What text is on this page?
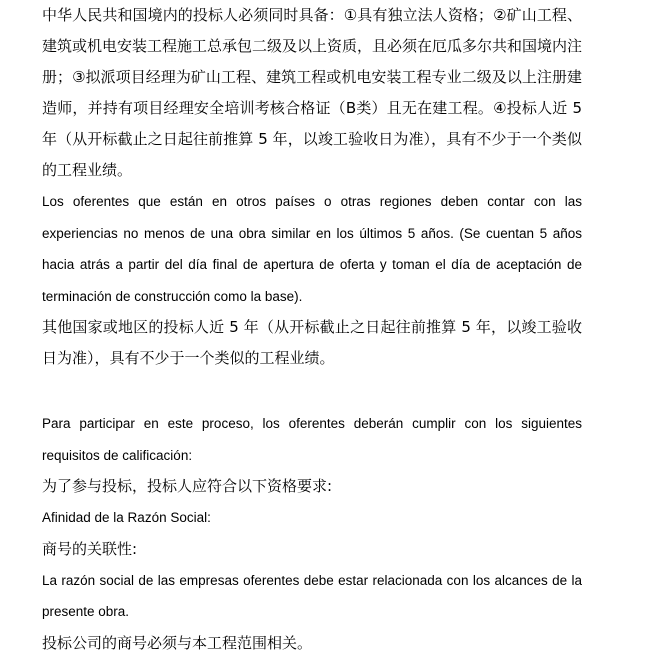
中华人民共和国境内的投标人必须同时具备：①具有独立法人资格；②矿山工程、建筑或机电安装工程施工总承包二级及以上资质，且必须在厄瓜多尔共和国境内注册；③拟派项目经理为矿山工程、建筑工程或机电安装工程专业二级及以上注册建造师，并持有项目经理安全培训考核合格证（B类）且无在建工程。④投标人近 5 年（从开标截止之日起往前推算 5 年，以竣工验收日为准），具有不少于一个类似的工程业绩。

Los oferentes que están en otros países o otras regiones deben contar con las experiencias no menos de una obra similar en los últimos 5 años. (Se cuentan 5 años hacia atrás a partir del día final de apertura de oferta y toman el día de aceptación de terminación de construcción como la base).

其他国家或地区的投标人近 5 年（从开标截止之日起往前推算 5 年，以竣工验收日为准），具有不少于一个类似的工程业绩。

Para participar en este proceso, los oferentes deberán cumplir con los siguientes requisitos de calificación:

为了参与投标，投标人应符合以下资格要求:

Afinidad de la Razón Social:

商号的关联性:

La razón social de las empresas oferentes debe estar relacionada con los alcances de la presente obra.

投标公司的商号必须与本工程范围相关。
